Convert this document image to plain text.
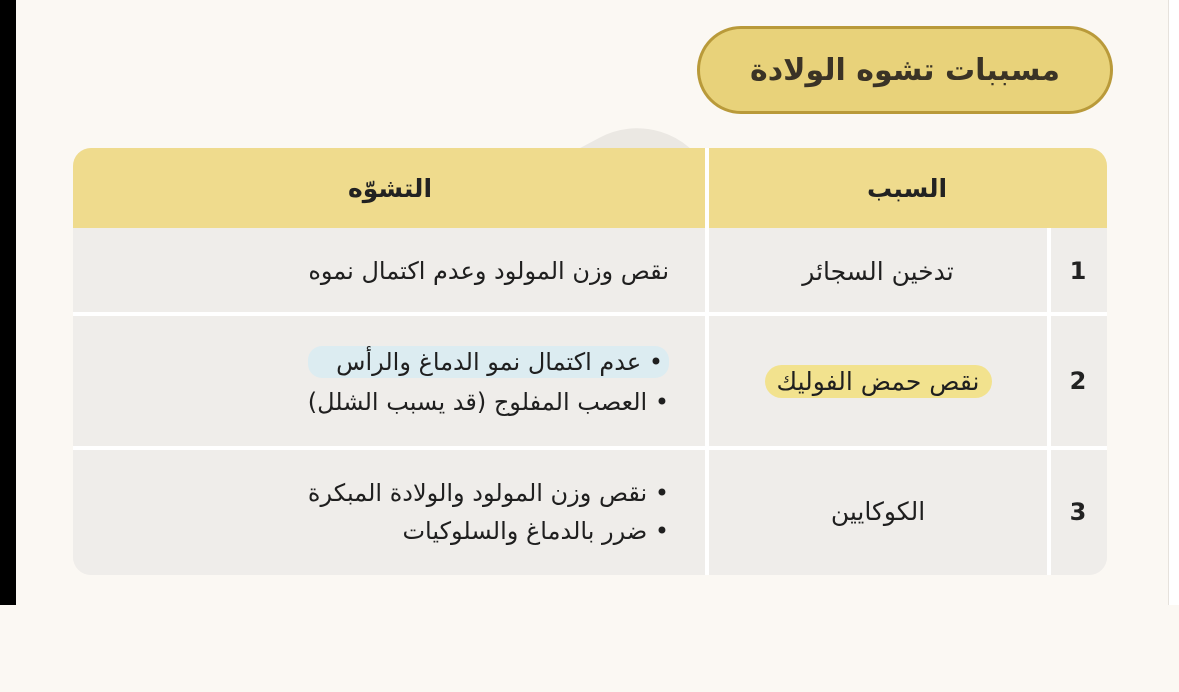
مسببات تشوه الولادة
السبب
التشوّه
1
تدخين السجائر
نقص وزن المولود وعدم اكتمال نموه
2
نقص حمض الفوليك
• عدم اكتمال نمو الدماغ والرأس
• العصب المفلوج (قد يسبب الشلل)
3
الكوكايين
• نقص وزن المولود والولادة المبكرة
• ضرر بالدماغ والسلوكيات
